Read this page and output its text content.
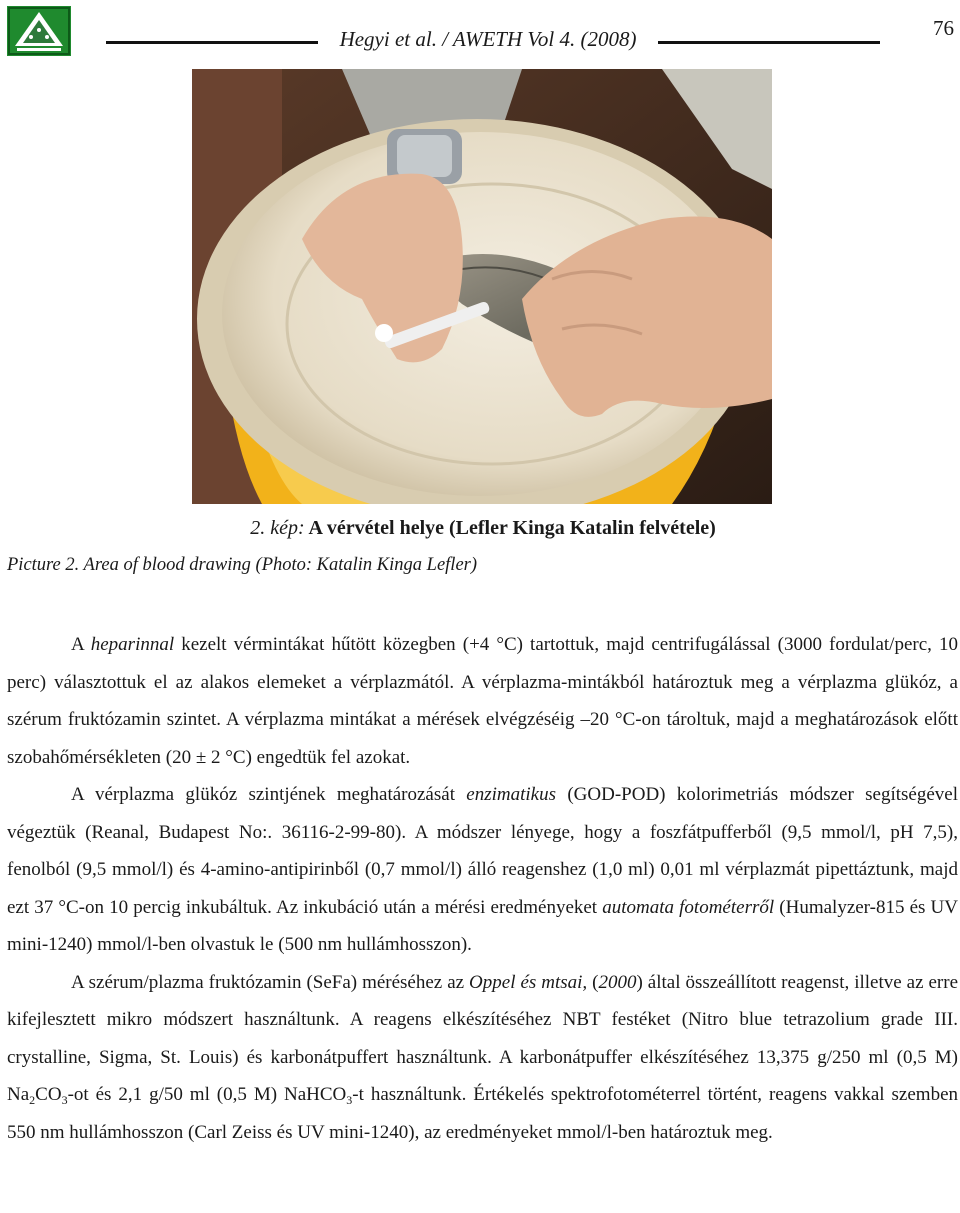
Hegyi et al. / AWETH Vol 4. (2008)	76
2. kép: A vérvétel helye (Lefler Kinga Katalin felvétele)
Picture 2. Area of blood drawing (Photo: Katalin Kinga Lefler)

A heparinnal kezelt vérmintákat hűtött közegben (+4 °C) tartottuk, majd centrifugálással (3000 fordulat/perc, 10 perc) választottuk el az alakos elemeket a vérplazmától. A vérplazma-mintákból határoztuk meg a vérplazma glükóz, a szérum fruktózamin szintet. A vérplazma mintákat a mérések elvégzéséig –20 °C-on tároltuk, majd a meghatározások előtt szobahőmérsékleten (20 ± 2 °C) engedtük fel azokat.

A vérplazma glükóz szintjének meghatározását enzimatikus (GOD-POD) kolorimetriás módszer segítségével végeztük (Reanal, Budapest No:. 36116-2-99-80). A módszer lényege, hogy a foszfátpufferből (9,5 mmol/l, pH 7,5), fenolból (9,5 mmol/l) és 4-amino-antipirinből (0,7 mmol/l) álló reagenshez (1,0 ml) 0,01 ml vérplazmát pipettáztunk, majd ezt 37 °C-on 10 percig inkubáltuk. Az inkubáció után a mérési eredményeket automata fotométerről (Humalyzer-815 és UV mini-1240) mmol/l-ben olvastuk le (500 nm hullámhosszon).

A szérum/plazma fruktózamin (SeFa) méréséhez az Oppel és mtsai, (2000) által összeállított reagenst, illetve az erre kifejlesztett mikro módszert használtunk. A reagens elkészítéséhez NBT festéket (Nitro blue tetrazolium grade III. crystalline, Sigma, St. Louis) és karbonátpuffert használtunk. A karbonátpuffer elkészítéséhez 13,375 g/250 ml (0,5 M) $Na_2CO_3-ot$ és 2,1 g/50 ml (0,5 M) NaHCO$_3$-t használtunk. Értékelés spektrofotométerrel történt, reagens vakkal szemben 550 nm hullámhosszon (Carl Zeiss és UV mini-1240), az eredményeket mmol/l-ben határoztuk meg.
